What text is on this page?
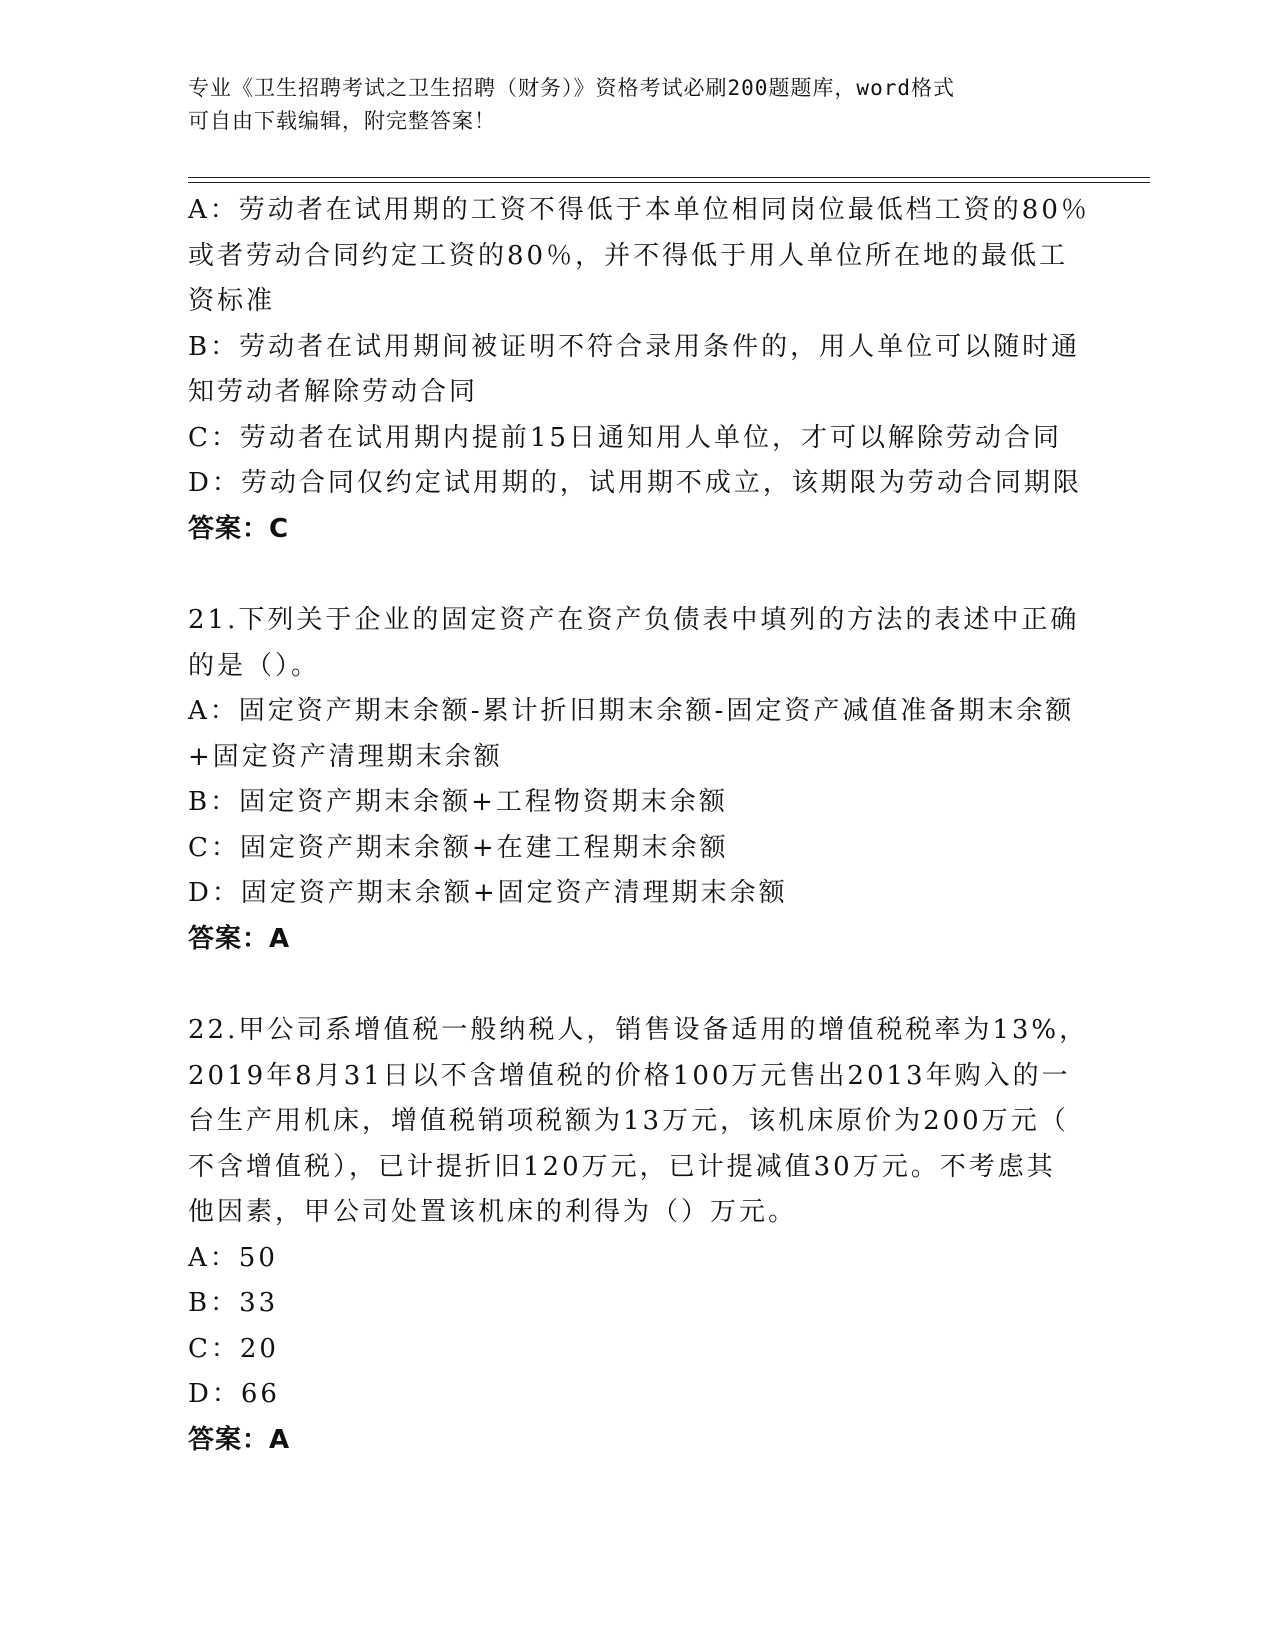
专业《卫生招聘考试之卫生招聘（财务）》资格考试必刷200题题库，word格式
可自由下载编辑，附完整答案！
A：劳动者在试用期的工资不得低于本单位相同岗位最低档工资的80％
或者劳动合同约定工资的80％，并不得低于用人单位所在地的最低工
资标准
B：劳动者在试用期间被证明不符合录用条件的，用人单位可以随时通
知劳动者解除劳动合同
C：劳动者在试用期内提前15日通知用人单位，才可以解除劳动合同
D：劳动合同仅约定试用期的，试用期不成立，该期限为劳动合同期限
答案：C
21.下列关于企业的固定资产在资产负债表中填列的方法的表述中正确
的是（）。
A：固定资产期末余额-累计折旧期末余额-固定资产减值准备期末余额
+固定资产清理期末余额
B：固定资产期末余额+工程物资期末余额
C：固定资产期末余额+在建工程期末余额
D：固定资产期末余额+固定资产清理期末余额
答案：A
22.甲公司系增值税一般纳税人，销售设备适用的增值税税率为13%，
2019年8月31日以不含增值税的价格100万元售出2013年购入的一
台生产用机床，增值税销项税额为13万元，该机床原价为200万元（
不含增值税），已计提折旧120万元，已计提减值30万元。不考虑其
他因素，甲公司处置该机床的利得为（）万元。
A：50
B：33
C：20
D：66
答案：A
